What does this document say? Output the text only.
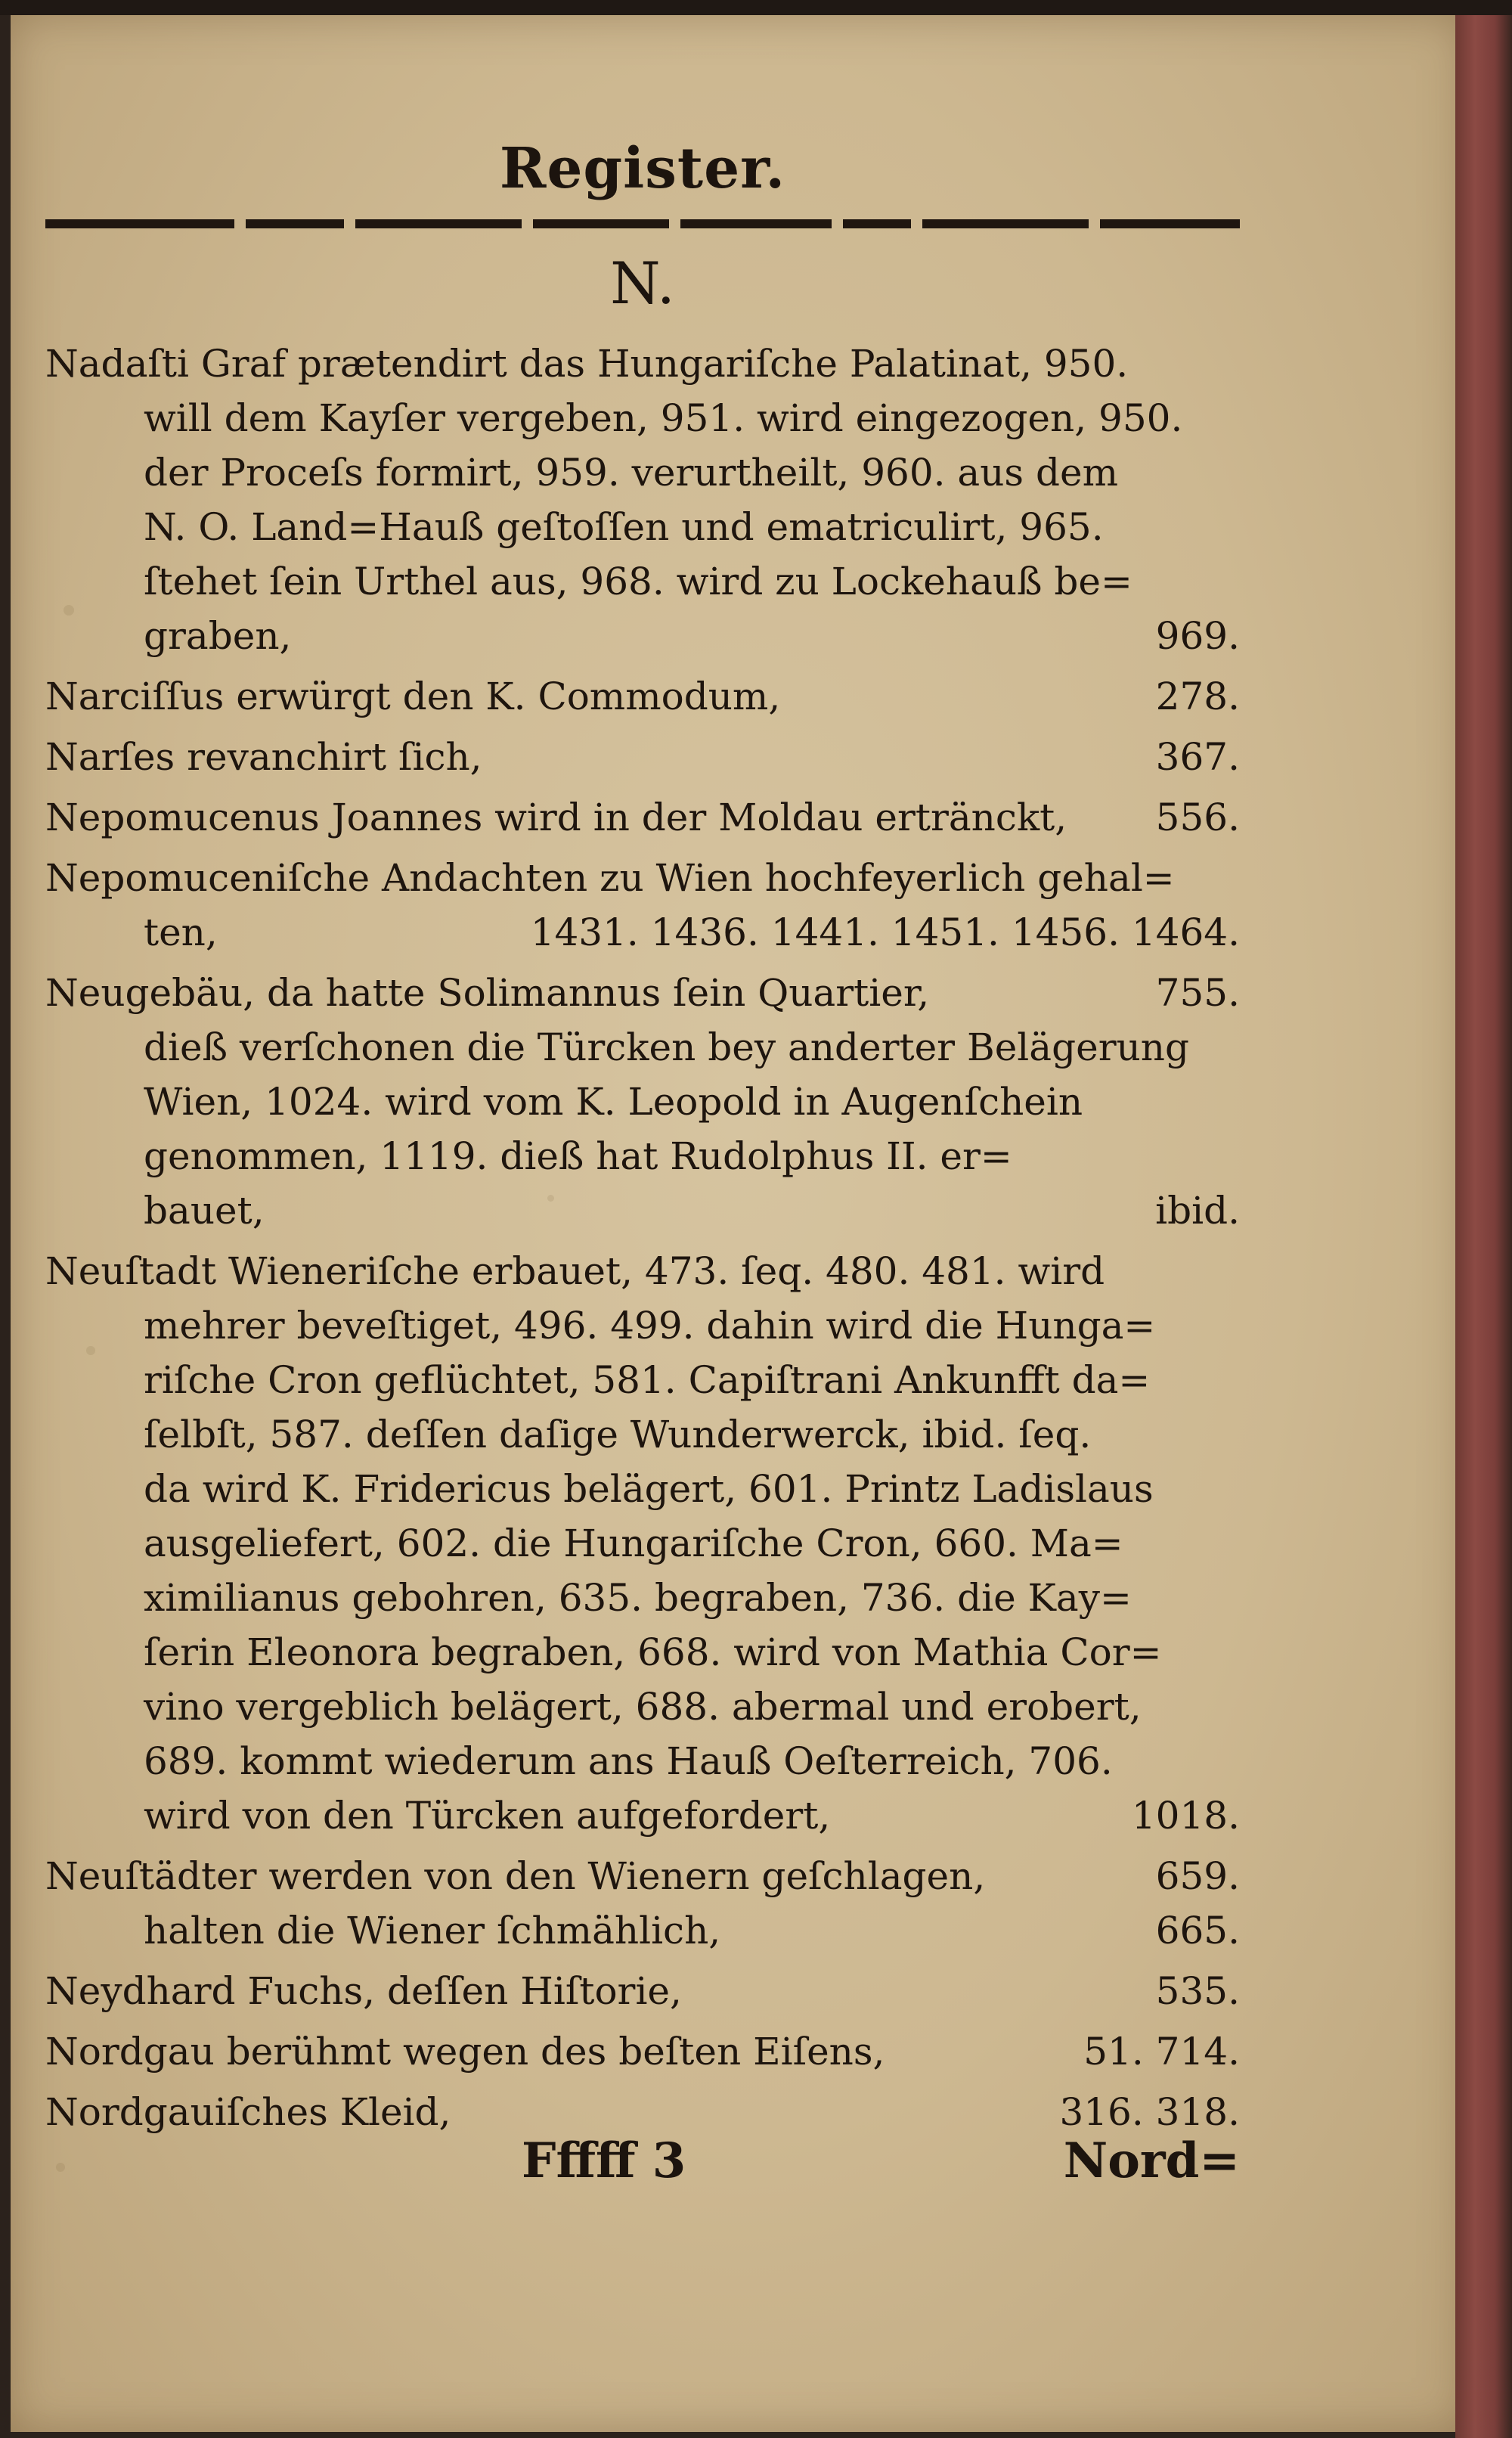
Register.
N.
Nadaſti Graf prætendirt das Hungariſche Palatinat, 950.
will dem Kayſer vergeben, 951. wird eingezogen, 950.
der Proceſs formirt, 959. verurtheilt, 960. aus dem
N. O. Land=Hauß geſtoſſen und ematriculirt, 965.
ſtehet ſein Urthel aus, 968. wird zu Lockehauß be=
graben,	969.
Narciſſus erwürgt den K. Commodum,	278.
Narſes revanchirt ſich,	367.
Nepomucenus Joannes wird in der Moldau ertränckt, 556.
Nepomuceniſche Andachten zu Wien hochfeyerlich gehal=
ten,	1431. 1436. 1441. 1451. 1456. 1464.
Neugebäu, da hatte Solimannus ſein Quartier,	755.
dieß verſchonen die Türcken bey anderter Belägerung
Wien, 1024. wird vom K. Leopold in Augenſchein
genommen, 1119. dieß hat Rudolphus II. er=
bauet,	ibid.
Neuſtadt Wieneriſche erbauet, 473. ſeq. 480. 481. wird
mehrer beveſtiget, 496. 499. dahin wird die Hunga=
riſche Cron geflüchtet, 581. Capiſtrani Ankunfft da=
ſelbſt, 587. deſſen daſige Wunderwerck, ibid. ſeq.
da wird K. Fridericus belägert, 601. Printz Ladislaus
ausgeliefert, 602. die Hungariſche Cron, 660. Ma=
ximilianus gebohren, 635. begraben, 736. die Kay=
ſerin Eleonora begraben, 668. wird von Mathia Cor=
vino vergeblich belägert, 688. abermal und erobert,
689. kommt wiederum ans Hauß Oeſterreich, 706.
wird von den Türcken aufgefordert,	1018.
Neuſtädter werden von den Wienern geſchlagen,	659.
halten die Wiener ſchmählich,	665.
Neydhard Fuchs, deſſen Hiſtorie,	535.
Nordgau berühmt wegen des beſten Eiſens,	51. 714.
Nordgauiſches Kleid,	316. 318.
Fffff 3	Nord=
